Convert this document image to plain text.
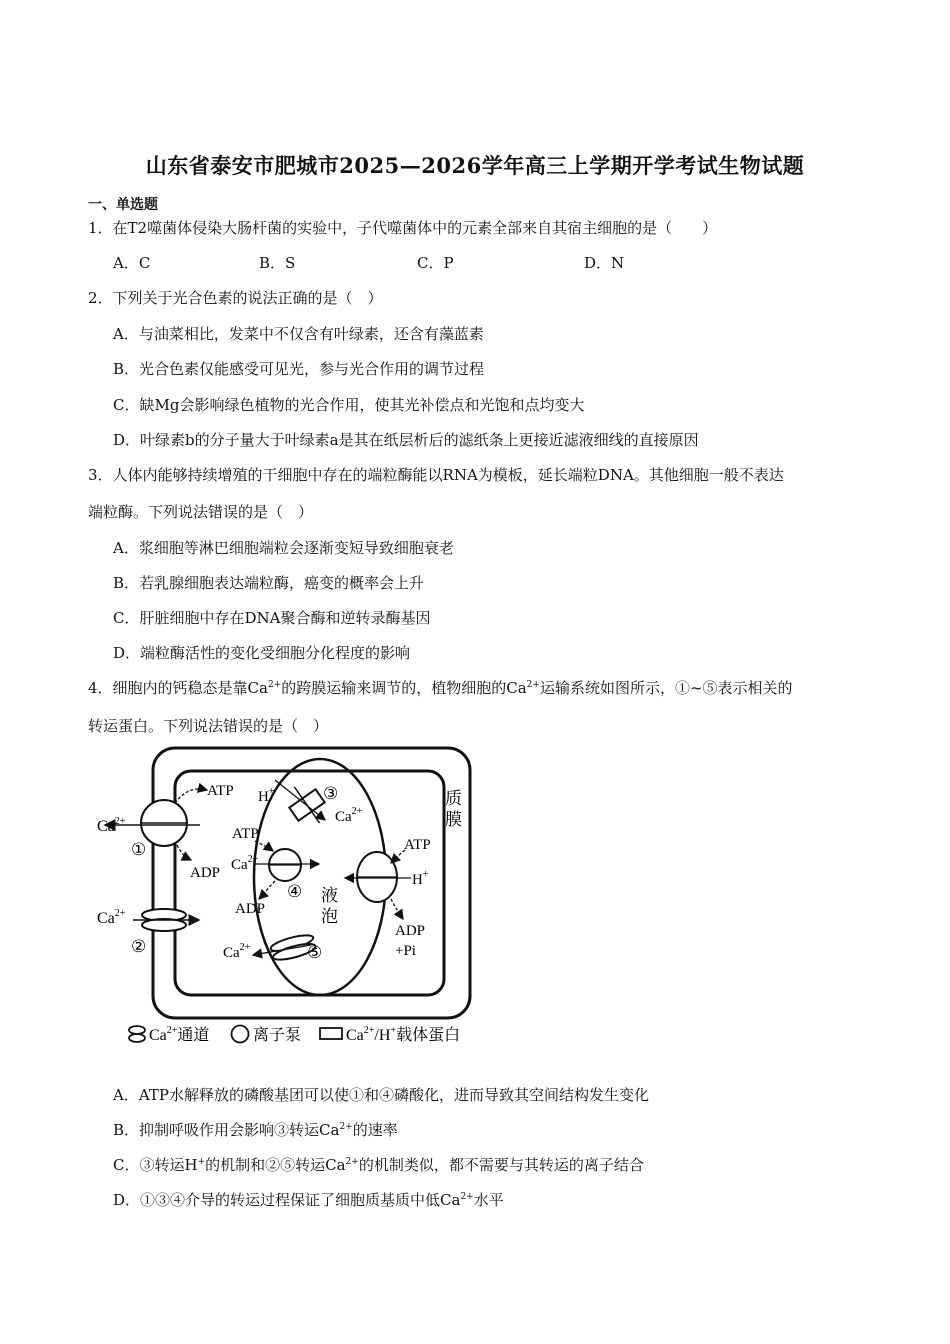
山东省泰安市肥城市2025—2026学年高三上学期开学考试生物试题
一、单选题
1．在T2噬菌体侵染大肠杆菌的实验中，子代噬菌体中的元素全部来自其宿主细胞的是（　　）
A．C	B．S	C．P	D．N
2．下列关于光合色素的说法正确的是（　）
A．与油菜相比，发菜中不仅含有叶绿素，还含有藻蓝素
B．光合色素仅能感受可见光，参与光合作用的调节过程
C．缺Mg会影响绿色植物的光合作用，使其光补偿点和光饱和点均变大
D．叶绿素b的分子量大于叶绿素a是其在纸层析后的滤纸条上更接近滤液细线的直接原因
3．人体内能够持续增殖的干细胞中存在的端粒酶能以RNA为模板，延长端粒DNA。其他细胞一般不表达
端粒酶。下列说法错误的是（　）
A．浆细胞等淋巴细胞端粒会逐渐变短导致细胞衰老
B．若乳腺细胞表达端粒酶，癌变的概率会上升
C．肝脏细胞中存在DNA聚合酶和逆转录酶基因
D．端粒酶活性的变化受细胞分化程度的影响
4．细胞内的钙稳态是靠$Ca^{2+}$的跨膜运输来调节的，植物细胞的$Ca^{2+}$运输系统如图所示，①~⑤表示相关的
转运蛋白。下列说法错误的是（　）
质
膜
液
泡
$Ca^{2+}$
①
ATP
ADP
$Ca^{2+}$
②
H+	③
$Ca^{2+}$
$Ca^{2+}$
④
ATP
ADP
$Ca^{2+}$	⑤
H+
ATP
ADP
+Pi
$Ca^{2+}$通道	离子泵	$Ca^{2+}/H^+$载体蛋白
A．ATP水解释放的磷酸基团可以使①和④磷酸化，进而导致其空间结构发生变化
B．抑制呼吸作用会影响③转运$Ca^{2+}$的速率
C．③转运H+的机制和②⑤转运$Ca^{2+}$的机制类似，都不需要与其转运的离子结合
D．①③④介导的转运过程保证了细胞质基质中低$Ca^{2+}$水平
